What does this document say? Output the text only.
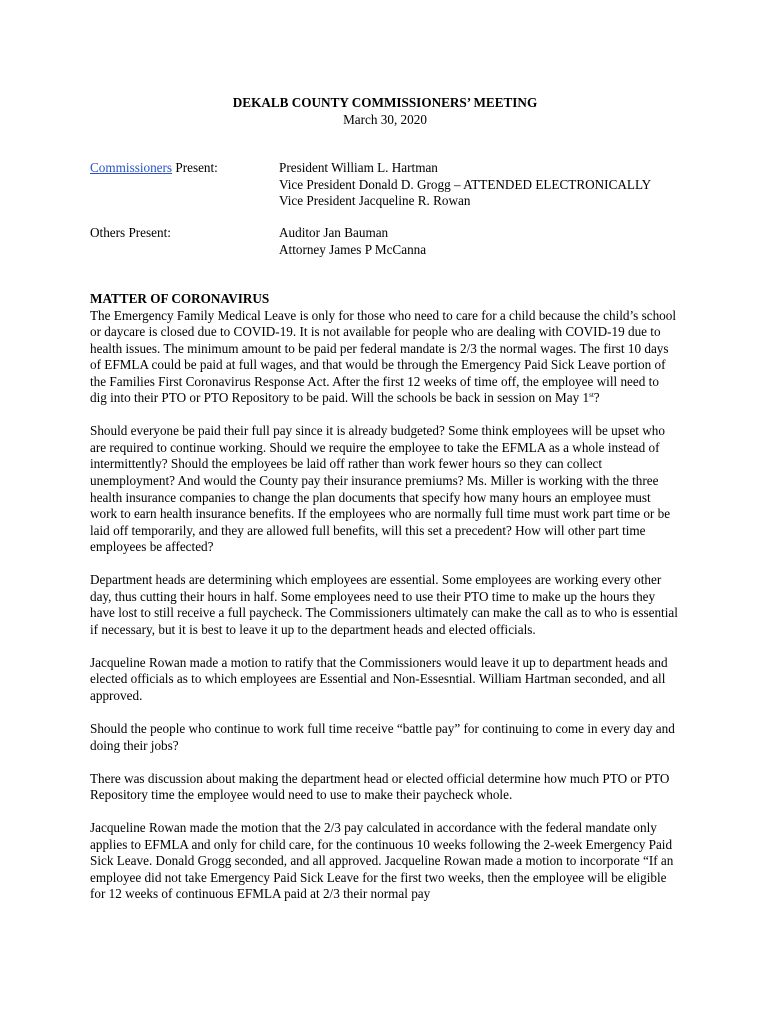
DEKALB COUNTY COMMISSIONERS’ MEETING
March 30, 2020
Commissioners Present:	President William L. Hartman
Vice President Donald D. Grogg – ATTENDED ELECTRONICALLY
Vice President Jacqueline R. Rowan
Others Present:	Auditor Jan Bauman
Attorney James P McCanna

MATTER OF CORONAVIRUS

The Emergency Family Medical Leave is only for those who need to care for a child because the child’s school or daycare is closed due to COVID-19. It is not available for people who are dealing with COVID-19 due to health issues. The minimum amount to be paid per federal mandate is 2/3 the normal wages. The first 10 days of EFMLA could be paid at full wages, and that would be through the Emergency Paid Sick Leave portion of the Families First Coronavirus Response Act. After the first 12 weeks of time off, the employee will need to dig into their PTO or PTO Repository to be paid. Will the schools be back in session on May 1st?

Should everyone be paid their full pay since it is already budgeted? Some think employees will be upset who are required to continue working. Should we require the employee to take the EFMLA as a whole instead of intermittently? Should the employees be laid off rather than work fewer hours so they can collect unemployment? And would the County pay their insurance premiums? Ms. Miller is working with the three health insurance companies to change the plan documents that specify how many hours an employee must work to earn health insurance benefits. If the employees who are normally full time must work part time or be laid off temporarily, and they are allowed full benefits, will this set a precedent? How will other part time employees be affected?

Department heads are determining which employees are essential. Some employees are working every other day, thus cutting their hours in half. Some employees need to use their PTO time to make up the hours they have lost to still receive a full paycheck. The Commissioners ultimately can make the call as to who is essential if necessary, but it is best to leave it up to the department heads and elected officials.

Jacqueline Rowan made a motion to ratify that the Commissioners would leave it up to department heads and elected officials as to which employees are Essential and Non-Essesntial. William Hartman seconded, and all approved.

Should the people who continue to work full time receive “battle pay” for continuing to come in every day and doing their jobs?

There was discussion about making the department head or elected official determine how much PTO or PTO Repository time the employee would need to use to make their paycheck whole.

Jacqueline Rowan made the motion that the 2/3 pay calculated in accordance with the federal mandate only applies to EFMLA and only for child care, for the continuous 10 weeks following the 2-week Emergency Paid Sick Leave. Donald Grogg seconded, and all approved. Jacqueline Rowan made a motion to incorporate “If an employee did not take Emergency Paid Sick Leave for the first two weeks, then the employee will be eligible for 12 weeks of continuous EFMLA paid at 2/3 their normal pay
